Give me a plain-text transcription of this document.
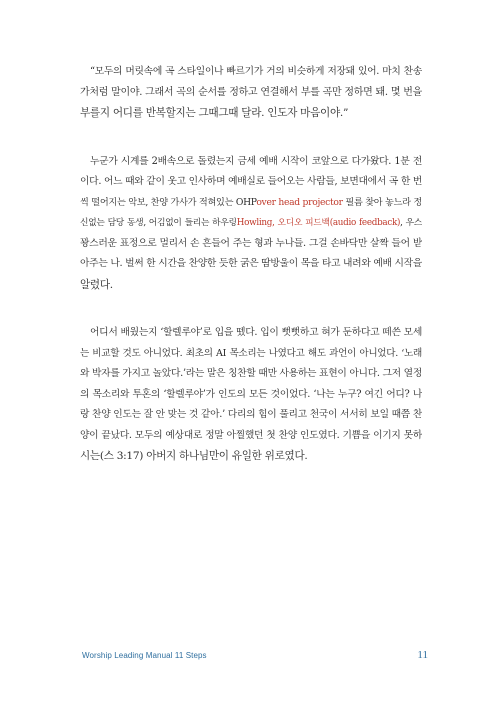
“모두의 머릿속에 곡 스타일이나 빠르기가 거의 비슷하게 저장돼 있어. 마치 찬송
가처럼 말이야. 그래서 곡의 순서를 정하고 연결해서 부를 곡만 정하면 돼. 몇 번을
부를지 어디를 반복할지는 그때그때 달라. 인도자 마음이야.”

누군가 시계를 2배속으로 돌렸는지 금세 예배 시작이 코앞으로 다가왔다. 1분 전
이다. 어느 때와 같이 웃고 인사하며 예배실로 들어오는 사람들, 보면대에서 곡 한 번
씩 떨어지는 악보, 찬양 가사가 적혀있는 OHPover head projector 필름 찾아 놓느라 정
신없는 담당 동생, 어김없이 들리는 하우링Howling, 오디오 피드백(audio feedback), 우스
꽝스러운 표정으로 멀리서 손 흔들어 주는 형과 누나들. 그걸 손바닥만 살짝 들어 받
아주는 나. 벌써 한 시간을 찬양한 듯한 굵은 땀방울이 목을 타고 내려와 예배 시작을
알렸다.

어디서 배웠는지 ‘할렐루야’로 입을 뗐다. 입이 뻣뻣하고 혀가 둔하다고 떼쓴 모세
는 비교할 것도 아니었다. 최초의 AI 목소리는 나였다고 해도 과언이 아니었다. ‘노래
와 박자를 가지고 놀았다.’라는 말은 칭찬할 때만 사용하는 표현이 아니다. 그저 열정
의 목소리와 투혼의 ‘할렐루야’가 인도의 모든 것이었다. ‘나는 누구? 여긴 어디? 나
랑 찬양 인도는 잘 안 맞는 것 같아.’ 다리의 힘이 풀리고 천국이 서서히 보일 때쯤 찬
양이 끝났다. 모두의 예상대로 정말 아찔했던 첫 찬양 인도였다. 기쁨을 이기지 못하
시는(스 3:17) 아버지 하나님만이 유일한 위로였다.

Worship Leading Manual 11 Steps	11
